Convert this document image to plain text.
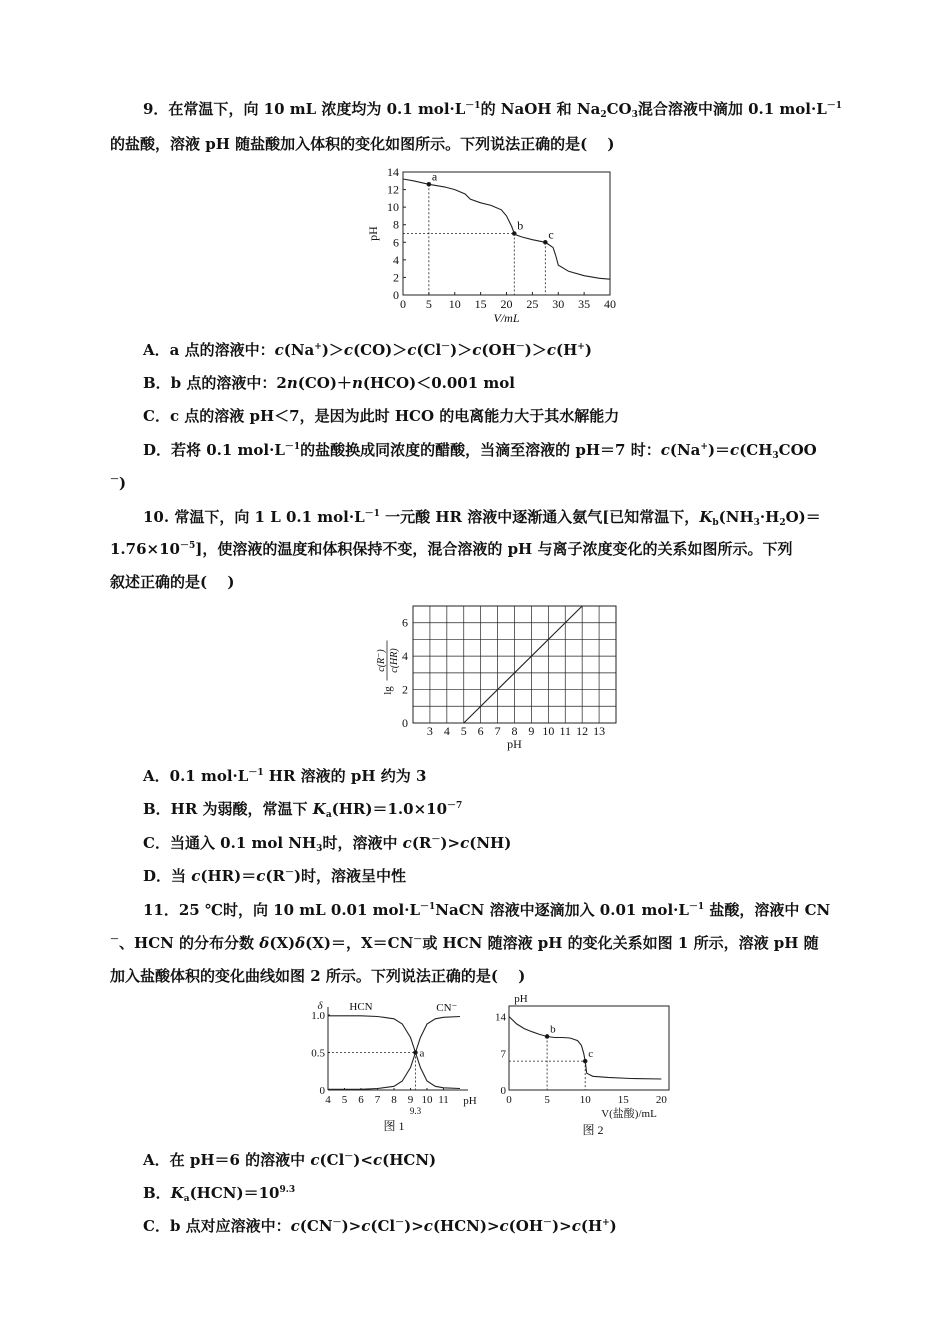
9．在常温下，向 10 mL 浓度均为 0.1 $mol\cdot L^{-1}$的 NaOH 和 $Na_2CO_3$混合溶液中滴加 0.1 $mol\cdot L^{-1}$
的盐酸，溶液 pH 随盐酸加入体积的变化如图所示。下列说法正确的是(　 )
0 5 10 15 20 25 30 35 40
0
2
4
6
8
10
12
14
V/mL
pH
a
b
c
A．a 点的溶液中：c(Na+)＞c(CO)＞c(Cl－)＞c(OH－)＞c(H+)
B．b 点的溶液中：2n(CO)＋n(HCO)＜0.001 mol
C．c 点的溶液 pH＜7，是因为此时 HCO 的电离能力大于其水解能力
D．若将 0.1 $mol\cdot L^{-1}$的盐酸换成同浓度的醋酸，当滴至溶液的 pH＝7 时：$c(Na^+)=c(CH_3COO$
－)
10. 常温下，向 1 L 0.1 $mol\cdot L^{-1}$ 一元酸 HR 溶液中逐渐通入氨气[已知常温下，$K_b(NH_3\cdot H_2O)=$
$1.76\times 10^{-5}$]，使溶液的温度和体积保持不变，混合溶液的 pH 与离子浓度变化的关系如图所示。下列
叙述正确的是(　 )
3 4 5 6 7 8 9 10 11 12 13
0
2
4
6
pH
lg
c(R⁻) c(HR)
A．0.1 $mol\cdot L^{-1}$ HR 溶液的 pH 约为 3
B．HR 为弱酸，常温下 $K_a(HR)=1.0\times 10^{-7}$
C．当通入 0.1 mol $NH_3$时，溶液中 c(R－)>c(NH)
D．当 c(HR)＝c(R－)时，溶液呈中性
11．25 ℃时，向 10 mL 0.01 $mol\cdot L^{-1}NaCN$ 溶液中逐滴加入 0.01 $mol\cdot L^{-1}$ 盐酸，溶液中 CN
－、HCN 的分布分数 δ(X)δ(X)＝，X＝CN－或 HCN 随溶液 pH 的变化关系如图 1 所示，溶液 pH 随
加入盐酸体积的变化曲线如图 2 所示。下列说法正确的是(　 )
4 5 6 7 8 9 10 11
0
0.5
1.0
pH
δ
9.3
HCN	CN⁻
a
图 1
0	5	10 15 20
0
7
14
pH
V(盐酸)/mL
b
c
图 2
A．在 pH＝6 的溶液中 c(Cl－)<c(HCN)
B．$K_a(HCN)=10^{9.3}$
C．b 点对应溶液中：c(CN－)>c(Cl－)>c(HCN)>c(OH－)>c(H+)
